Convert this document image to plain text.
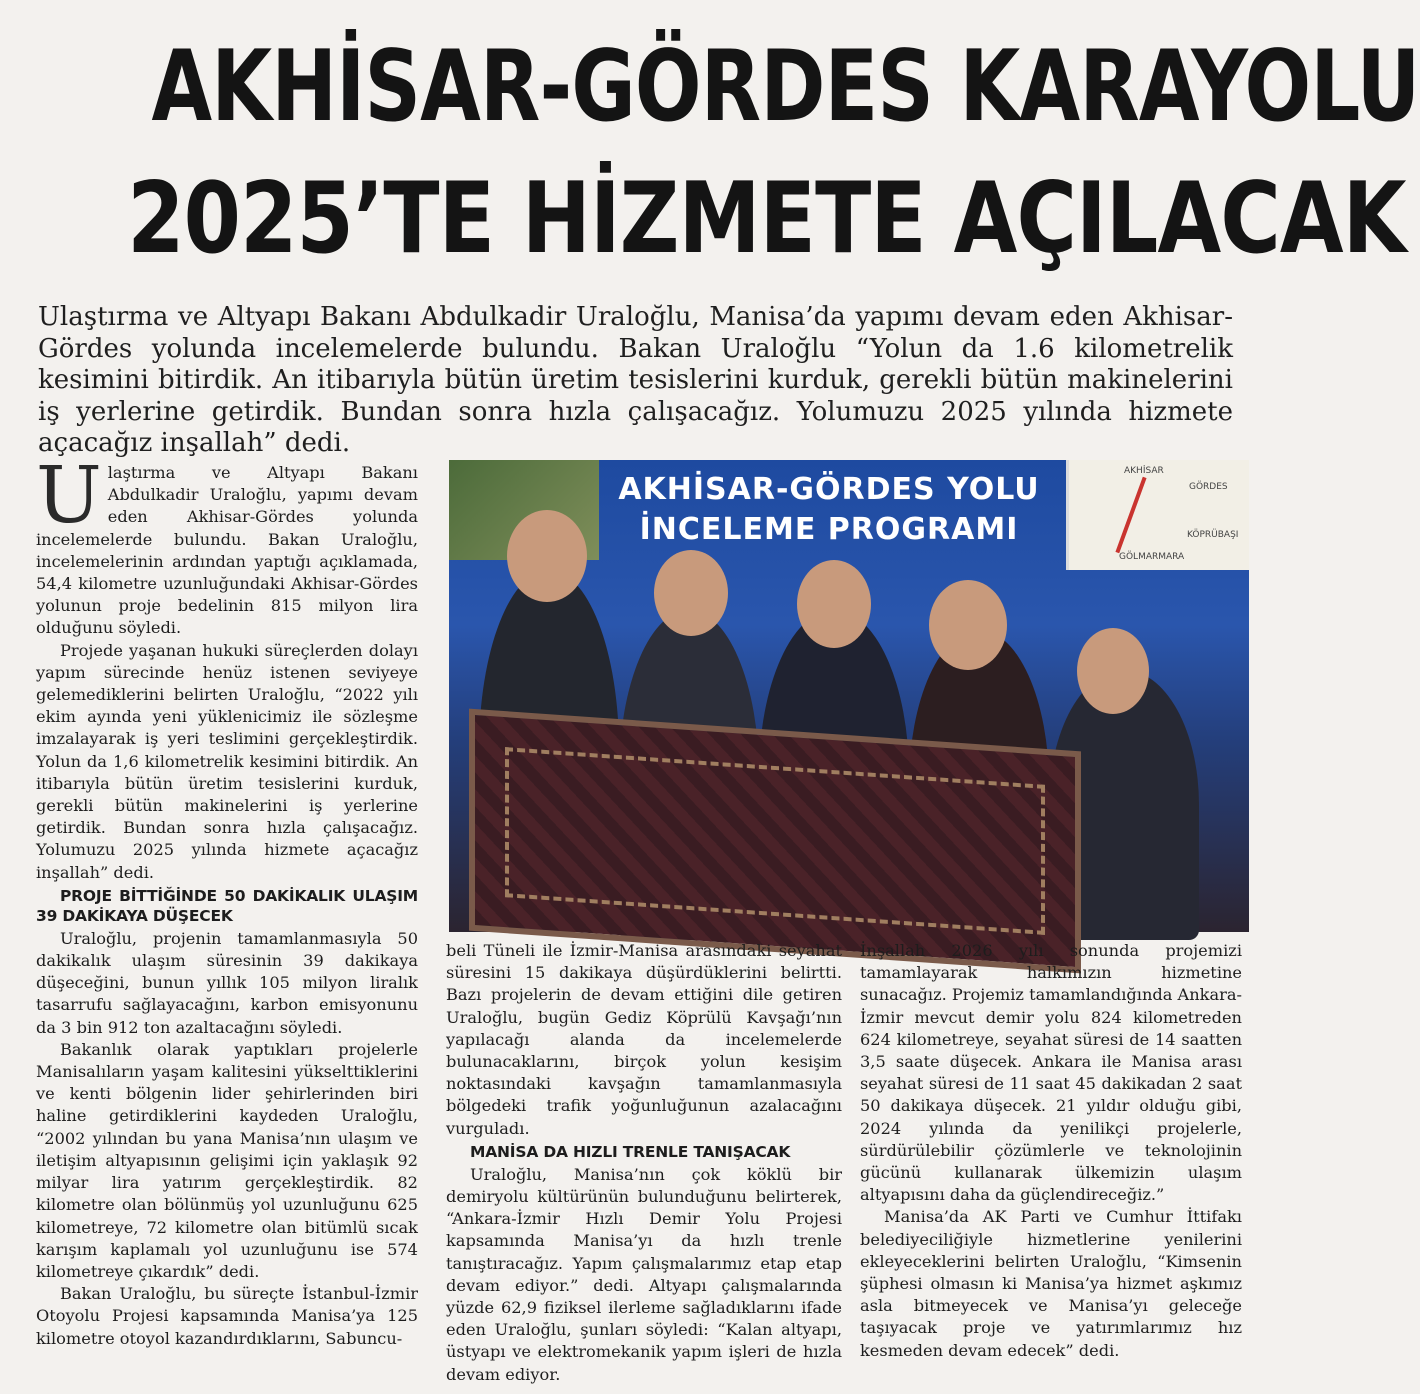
AKHİSAR-GÖRDES KARAYOLU
2025’TE HİZMETE AÇILACAK
Ulaştırma ve Altyapı Bakanı Abdulkadir Uraloğlu, Manisa’da yapımı devam eden Akhisar-Gördes yolunda incelemelerde bulundu. Bakan Uraloğlu “Yolun da 1.6 kilometrelik kesimini bitirdik. An itibarıyla bütün üretim tesislerini kurduk, gerekli bütün makinelerini iş yerlerine getirdik. Bundan sonra hızla çalışacağız. Yolumuzu 2025 yılında hizmete açacağız inşallah” dedi.
AKHİSAR-GÖRDES YOLU
İNCELEME PROGRAMI
AKHİSAR
GÖRDES
GÖLMARMARA
KÖPRÜBAŞI

Ulaştırma ve Altyapı Bakanı Abdulkadir Uraloğlu, yapımı devam eden Akhisar-Gördes yolunda incelemelerde bulundu. Bakan Uraloğlu, incelemelerinin ardından yaptığı açıklamada, 54,4 kilometre uzunluğundaki Akhisar-Gördes yolunun proje bedelinin 815 milyon lira olduğunu söyledi.

Projede yaşanan hukuki süreçlerden dolayı yapım sürecinde henüz istenen seviyeye gelemediklerini belirten Uraloğlu, “2022 yılı ekim ayında yeni yüklenicimiz ile sözleşme imzalayarak iş yeri teslimini gerçekleştirdik. Yolun da 1,6 kilometrelik kesimini bitirdik. An itibarıyla bütün üretim tesislerini kurduk, gerekli bütün makinelerini iş yerlerine getirdik. Bundan sonra hızla çalışacağız. Yolumuzu 2025 yılında hizmete açacağız inşallah” dedi.

PROJE BİTTİĞİNDE 50 DAKİKALIK ULAŞIM 39 DAKİKAYA DÜŞECEK

Uraloğlu, projenin tamamlanmasıyla 50 dakikalık ulaşım süresinin 39 dakikaya düşeceğini, bunun yıllık 105 milyon liralık tasarrufu sağlayacağını, karbon emisyonunu da 3 bin 912 ton azaltacağını söyledi.

Bakanlık olarak yaptıkları projelerle Manisalıların yaşam kalitesini yükselttiklerini ve kenti bölgenin lider şehirlerinden biri haline getirdiklerini kaydeden Uraloğlu, “2002 yılından bu yana Manisa’nın ulaşım ve iletişim altyapısının gelişimi için yaklaşık 92 milyar lira yatırım gerçekleştirdik. 82 kilometre olan bölünmüş yol uzunluğunu 625 kilometreye, 72 kilometre olan bitümlü sıcak karışım kaplamalı yol uzunluğunu ise 574 kilometreye çıkardık” dedi.

Bakan Uraloğlu, bu süreçte İstanbul-İzmir Otoyolu Projesi kapsamında Manisa’ya 125 kilometre otoyol kazandırdıklarını, Sabuncu-

beli Tüneli ile İzmir-Manisa arasındaki seyahat süresini 15 dakikaya düşürdüklerini belirtti. Bazı projelerin de devam ettiğini dile getiren Uraloğlu, bugün Gediz Köprülü Kavşağı’nın yapılacağı alanda da incelemelerde bulunacaklarını, birçok yolun kesişim noktasındaki kavşağın tamamlanmasıyla bölgedeki trafik yoğunluğunun azalacağını vurguladı.

MANİSA DA HIZLI TRENLE TANIŞACAK

Uraloğlu, Manisa’nın çok köklü bir demiryolu kültürünün bulunduğunu belirterek, “Ankara-İzmir Hızlı Demir Yolu Projesi kapsamında Manisa’yı da hızlı trenle tanıştıracağız. Yapım çalışmalarımız etap etap devam ediyor.” dedi. Altyapı çalışmalarında yüzde 62,9 fiziksel ilerleme sağladıklarını ifade eden Uraloğlu, şunları söyledi: “Kalan altyapı, üstyapı ve elektromekanik yapım işleri de hızla devam ediyor.

İnşallah 2026 yılı sonunda projemizi tamamlayarak halkımızın hizmetine sunacağız. Projemiz tamamlandığında Ankara-İzmir mevcut demir yolu 824 kilometreden 624 kilometreye, seyahat süresi de 14 saatten 3,5 saate düşecek. Ankara ile Manisa arası seyahat süresi de 11 saat 45 dakikadan 2 saat 50 dakikaya düşecek. 21 yıldır olduğu gibi, 2024 yılında da yenilikçi projelerle, sürdürülebilir çözümlerle ve teknolojinin gücünü kullanarak ülkemizin ulaşım altyapısını daha da güçlendireceğiz.”

Manisa’da AK Parti ve Cumhur İttifakı belediyeciliğiyle hizmetlerine yenilerini ekleyeceklerini belirten Uraloğlu, “Kimsenin şüphesi olmasın ki Manisa’ya hizmet aşkımız asla bitmeyecek ve Manisa’yı geleceğe taşıyacak proje ve yatırımlarımız hız kesmeden devam edecek” dedi.
